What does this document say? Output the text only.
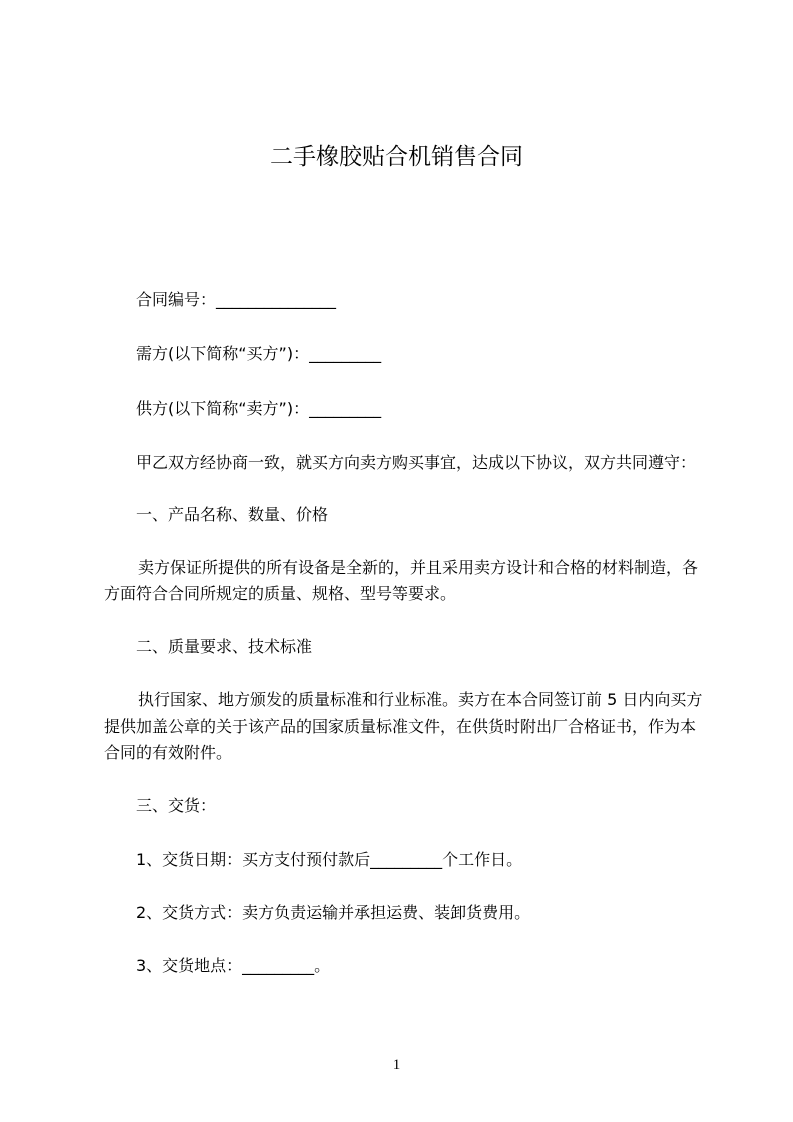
二手橡胶贴合机销售合同
合同编号：_______________
需方(以下简称“买方”)：_________
供方(以下简称“卖方”)：_________
甲乙双方经协商一致，就买方向卖方购买事宜，达成以下协议，双方共同遵守：
一、产品名称、数量、价格
卖方保证所提供的所有设备是全新的，并且采用卖方设计和合格的材料制造，各
方面符合合同所规定的质量、规格、型号等要求。
二、质量要求、技术标准
执行国家、地方颁发的质量标准和行业标准。卖方在本合同签订前 5 日内向买方
提供加盖公章的关于该产品的国家质量标准文件，在供货时附出厂合格证书，作为本
合同的有效附件。
三、交货：
1、交货日期：买方支付预付款后_________个工作日。
2、交货方式：卖方负责运输并承担运费、装卸货费用。
3、交货地点：_________。
1
